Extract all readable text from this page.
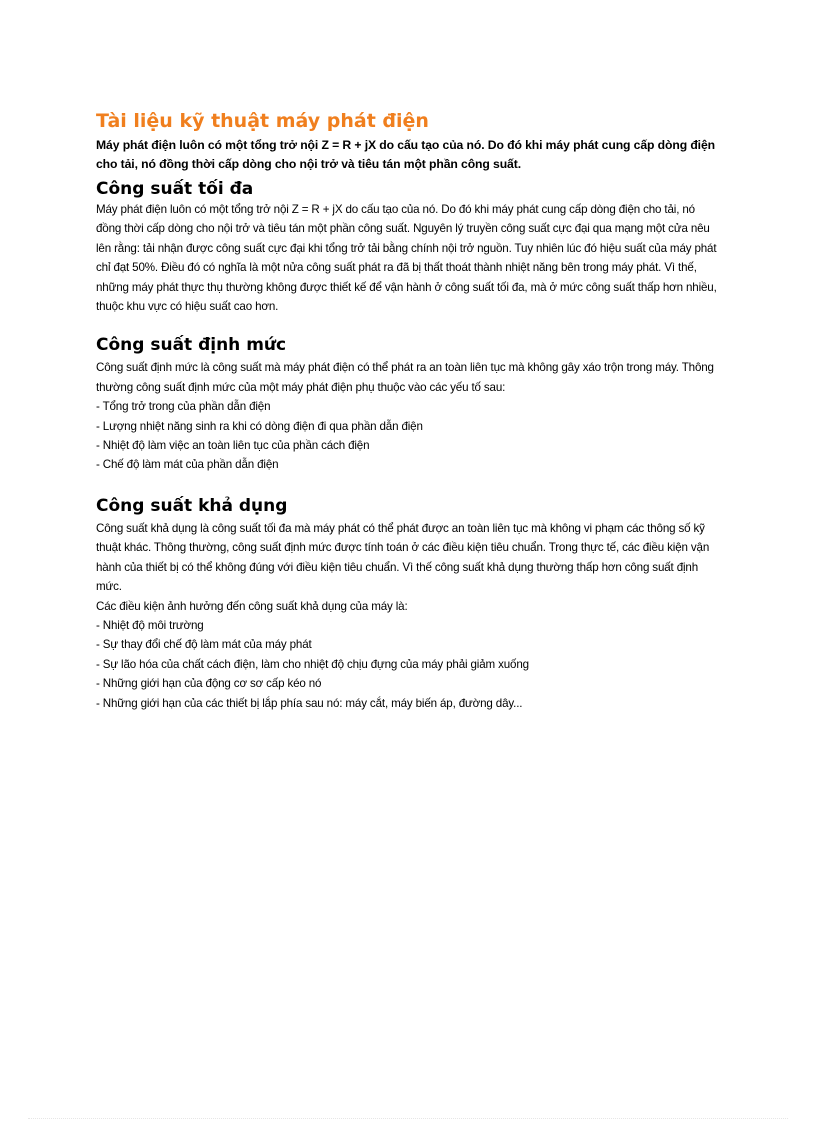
Tài liệu kỹ thuật máy phát điện

Máy phát điện luôn có một tổng trở nội Z = R + jX do cấu tạo của nó. Do đó khi máy phát cung cấp dòng điện cho tải, nó đồng thời cấp dòng cho nội trở và tiêu tán một phần công suất.

Công suất tối đa

Máy phát điện luôn có một tổng trở nội Z = R + jX do cấu tạo của nó. Do đó khi máy phát cung cấp dòng điện cho tải, nó đồng thời cấp dòng cho nội trở và tiêu tán một phần công suất. Nguyên lý truyền công suất cực đại qua mạng một cửa nêu lên rằng: tải nhận được công suất cực đại khi tổng trở tải bằng chính nội trở nguồn. Tuy nhiên lúc đó hiệu suất của máy phát chỉ đạt 50%. Điều đó có nghĩa là một nửa công suất phát ra đã bị thất thoát thành nhiệt năng bên trong máy phát. Vì thế, những máy phát thực thụ thường không được thiết kế để vận hành ở công suất tối đa, mà ở mức công suất thấp hơn nhiều, thuộc khu vực có hiệu suất cao hơn.

Công suất định mức

Công suất định mức là công suất mà máy phát điện có thể phát ra an toàn liên tục mà không gây xáo trộn trong máy. Thông thường công suất định mức của một máy phát điện phụ thuộc vào các yếu tố sau:

- Tổng trở trong của phần dẫn điện
- Lượng nhiệt năng sinh ra khi có dòng điện đi qua phần dẫn điện
- Nhiệt độ làm việc an toàn liên tục của phần cách điện
- Chế độ làm mát của phần dẫn điện
Công suất khả dụng

Công suất khả dụng là công suất tối đa mà máy phát có thể phát được an toàn liên tục mà không vi phạm các thông số kỹ thuật khác. Thông thường, công suất định mức được tính toán ở các điều kiện tiêu chuẩn. Trong thực tế, các điều kiện vận hành của thiết bị có thể không đúng với điều kiện tiêu chuẩn. Vì thế công suất khả dụng thường thấp hơn công suất định mức.

Các điều kiện ảnh hưởng đến công suất khả dụng của máy là:

- Nhiệt độ môi trường
- Sự thay đổi chế độ làm mát của máy phát
- Sự lão hóa của chất cách điện, làm cho nhiệt độ chịu đựng của máy phải giảm xuống
- Những giới hạn của động cơ sơ cấp kéo nó
- Những giới hạn của các thiết bị lắp phía sau nó: máy cắt, máy biến áp, đường dây...
